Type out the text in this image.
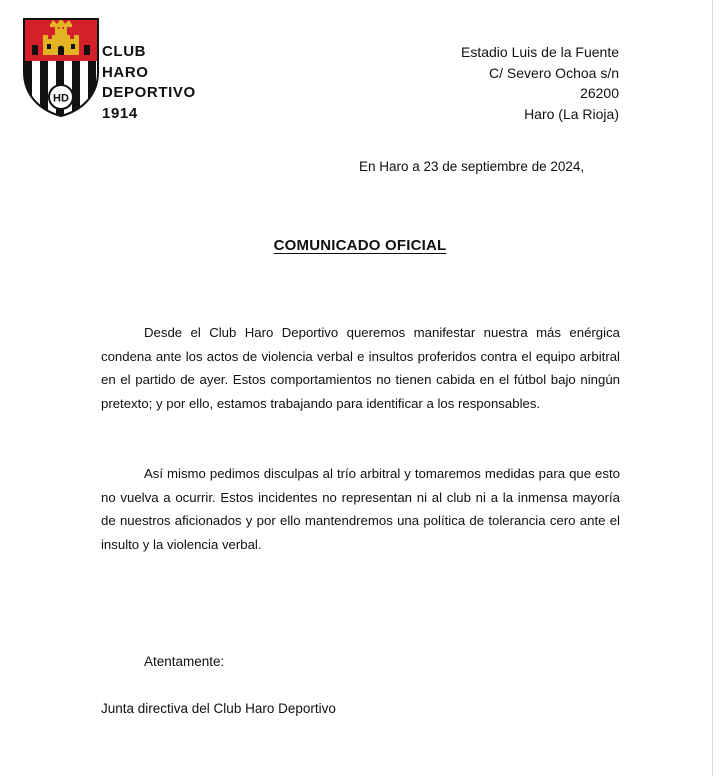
HD
CLUB
HARO
DEPORTIVO
1914
Estadio Luis de la Fuente
C/ Severo Ochoa s/n
26200
Haro (La Rioja)
En Haro a 23 de septiembre de 2024,
COMUNICADO OFICIAL

Desde el Club Haro Deportivo queremos manifestar nuestra más enérgica condena ante los actos de violencia verbal e insultos proferidos contra el equipo arbitral en el partido de ayer. Estos comportamientos no tienen cabida en el fútbol bajo ningún pretexto; y por ello, estamos trabajando para identificar a los responsables.

Así mismo pedimos disculpas al trío arbitral y tomaremos medidas para que esto no vuelva a ocurrir. Estos incidentes no representan ni al club ni a la inmensa mayoría de nuestros aficionados y por ello mantendremos una política de tolerancia cero ante el insulto y la violencia verbal.

Atentamente:
Junta directiva del Club Haro Deportivo
